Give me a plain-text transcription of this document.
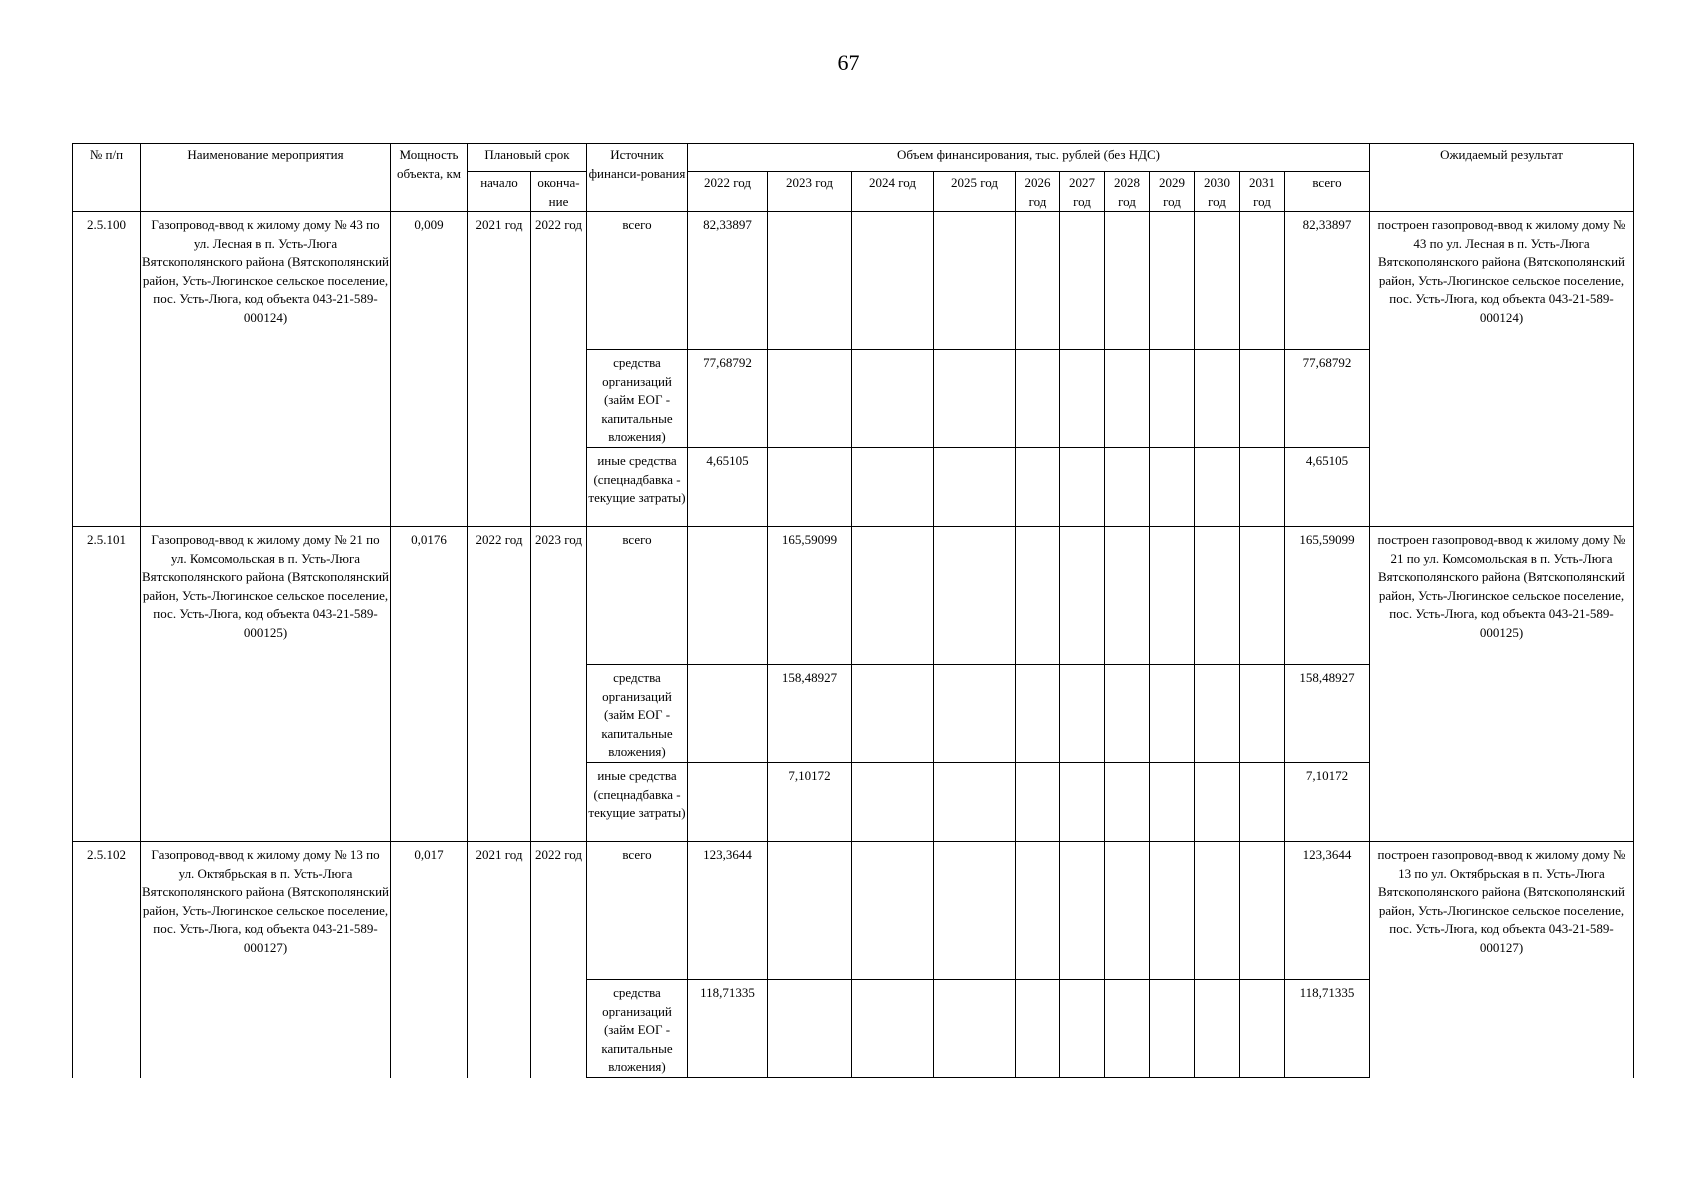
67
№ п/п	Наименование мероприятия	Мощность объекта, км	Плановый срок		Источник финанси-рования	Объем финансирования, тыс. рублей (без НДС)											Ожидаемый результат
			начало	оконча-ние		2022 год	2023 год	2024 год	2025 год	2026 год	2027 год	2028 год	2029 год	2030 год	2031 год	всего	
2.5.100	Газопровод-ввод к жилому дому № 43 по ул. Лесная в п. Усть-Люга Вятскополянского района (Вятскополянский район, Усть-Люгинское сельское поселение, пос. Усть-Люга, код объекта 043-21-589-000124)	0,009	2021 год	2022 год	всего	82,33897										82,33897	построен газопровод-ввод к жилому дому № 43 по ул. Лесная в п. Усть-Люга Вятскополянского района (Вятскополянский район, Усть-Люгинское сельское поселение, пос. Усть-Люга, код объекта 043-21-589-000124)
					средства организаций (займ ЕОГ - капитальные вложения)	77,68792										77,68792	
					иные средства (спецнадбавка - текущие затраты)	4,65105										4,65105	
2.5.101	Газопровод-ввод к жилому дому № 21 по ул. Комсомольская в п. Усть-Люга Вятскополянского района (Вятскополянский район, Усть-Люгинское сельское поселение, пос. Усть-Люга, код объекта 043-21-589-000125)	0,0176	2022 год	2023 год	всего		165,59099									165,59099	построен газопровод-ввод к жилому дому № 21 по ул. Комсомольская в п. Усть-Люга Вятскополянского района (Вятскополянский район, Усть-Люгинское сельское поселение, пос. Усть-Люга, код объекта 043-21-589-000125)
					средства организаций (займ ЕОГ - капитальные вложения)		158,48927									158,48927	
					иные средства (спецнадбавка - текущие затраты)		7,10172									7,10172	
2.5.102	Газопровод-ввод к жилому дому № 13 по ул. Октябрьская в п. Усть-Люга Вятскополянского района (Вятскополянский район, Усть-Люгинское сельское поселение, пос. Усть-Люга, код объекта 043-21-589-000127)	0,017	2021 год	2022 год	всего	123,3644										123,3644	построен газопровод-ввод к жилому дому № 13 по ул. Октябрьская в п. Усть-Люга Вятскополянского района (Вятскополянский район, Усть-Люгинское сельское поселение, пос. Усть-Люга, код объекта 043-21-589-000127)
					средства организаций (займ ЕОГ - капитальные вложения)	118,71335										118,71335	
